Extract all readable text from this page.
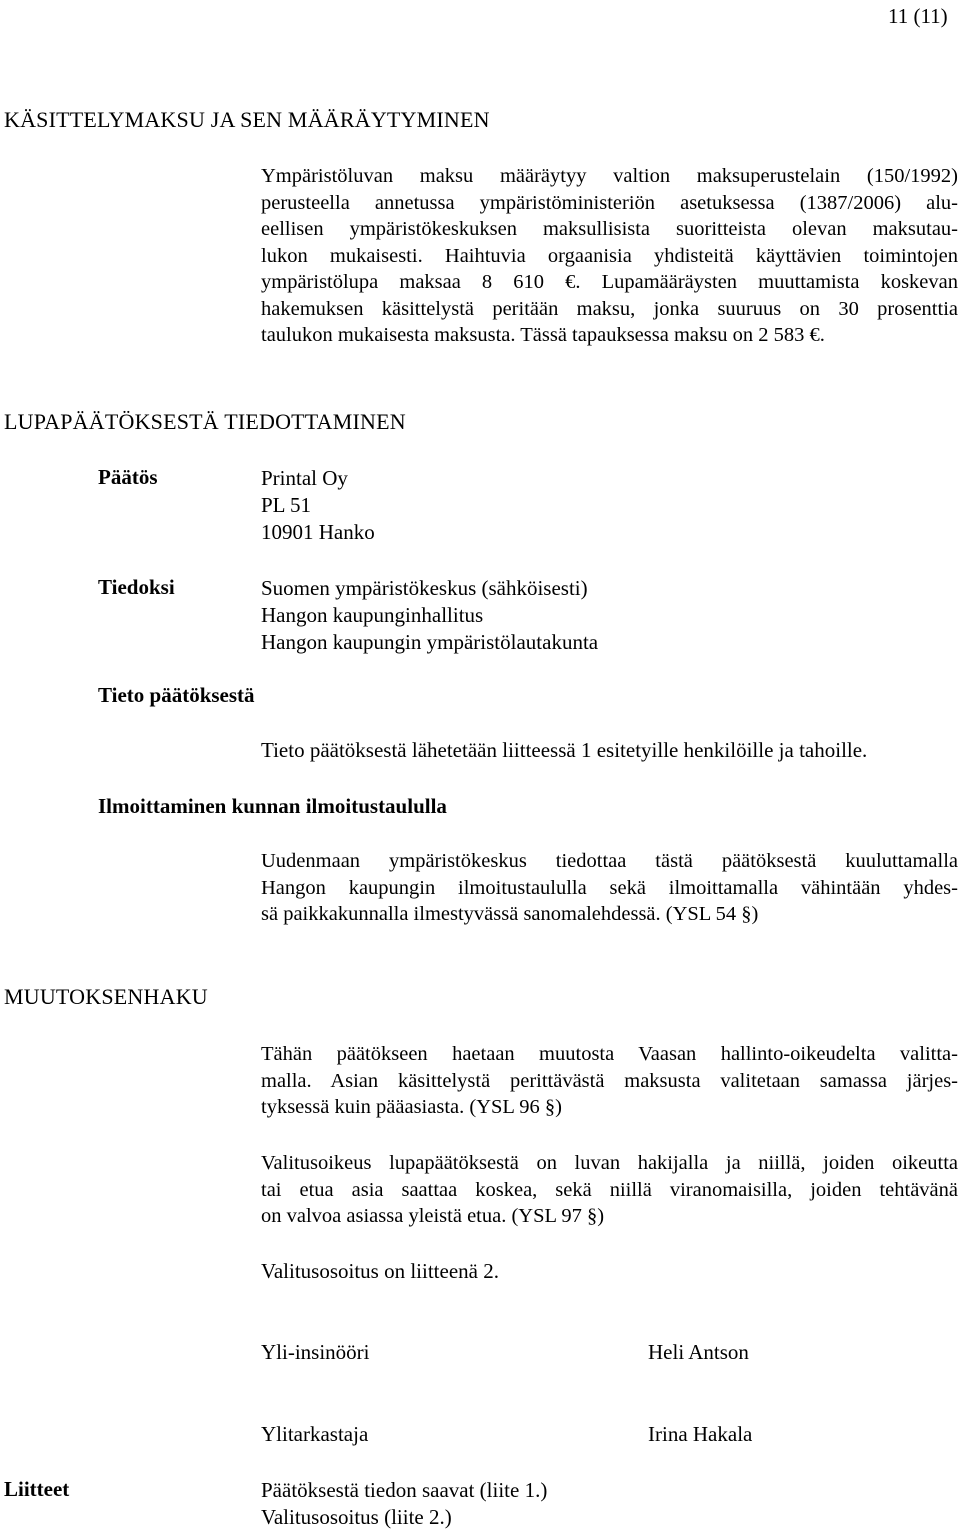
11 (11)
KÄSITTELYMAKSU JA SEN MÄÄRÄYTYMINEN
Ympäristöluvan maksu määräytyy valtion maksuperustelain (150/1992)
perusteella annetussa ympäristöministeriön asetuksessa (1387/2006) alu-
eellisen ympäristökeskuksen maksullisista suoritteista olevan maksutau-
lukon mukaisesti. Haihtuvia orgaanisia yhdisteitä käyttävien toimintojen
ympäristölupa maksaa 8 610 €. Lupamääräysten muuttamista koskevan
hakemuksen käsittelystä peritään maksu, jonka suuruus on 30 prosenttia
taulukon mukaisesta maksusta. Tässä tapauksessa maksu on 2 583 €.
LUPAPÄÄTÖKSESTÄ TIEDOTTAMINEN
Päätös	Printal Oy
PL 51
10901 Hanko
Tiedoksi	Suomen ympäristökeskus (sähköisesti)
Hangon kaupunginhallitus
Hangon kaupungin ympäristölautakunta
Tieto päätöksestä
Tieto päätöksestä lähetetään liitteessä 1 esitetyille henkilöille ja tahoille.
Ilmoittaminen kunnan ilmoitustaululla
Uudenmaan ympäristökeskus tiedottaa tästä päätöksestä kuuluttamalla
Hangon kaupungin ilmoitustaululla sekä ilmoittamalla vähintään yhdes-
sä paikkakunnalla ilmestyvässä sanomalehdessä. (YSL 54 §)
MUUTOKSENHAKU
Tähän päätökseen haetaan muutosta Vaasan hallinto-oikeudelta valitta-
malla. Asian käsittelystä perittävästä maksusta valitetaan samassa järjes-
tyksessä kuin pääasiasta. (YSL 96 §)
Valitusoikeus lupapäätöksestä on luvan hakijalla ja niillä, joiden oikeutta
tai etua asia saattaa koskea, sekä niillä viranomaisilla, joiden tehtävänä
on valvoa asiassa yleistä etua. (YSL 97 §)
Valitusosoitus on liitteenä 2.
Yli-insinööri	Heli Antson
Ylitarkastaja	Irina Hakala
Liitteet	Päätöksestä tiedon saavat (liite 1.)
Valitusosoitus (liite 2.)
